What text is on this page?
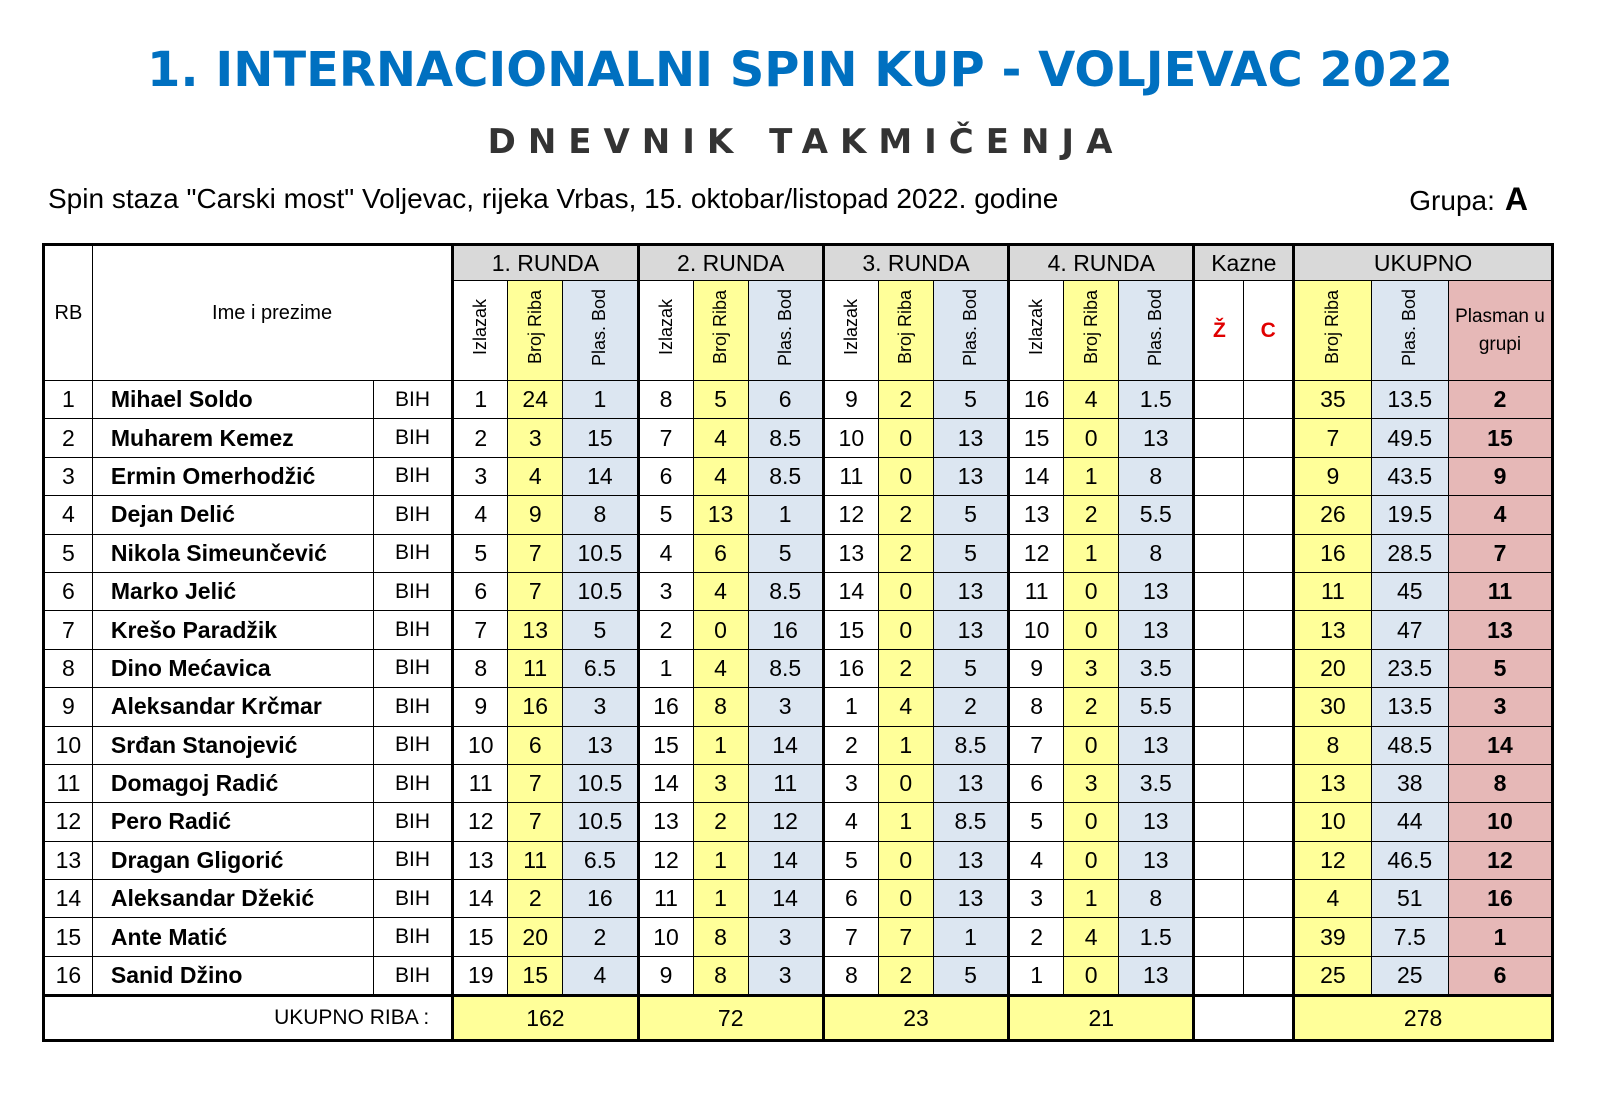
1. INTERNACIONALNI SPIN KUP - VOLJEVAC 2022
DNEVNIK TAKMIČENJA
Spin staza "Carski most" Voljevac, rijeka Vrbas, 15. oktobar/listopad 2022. godine	Grupa: A
RB	Ime i prezime		1. RUNDA			2. RUNDA			3. RUNDA			4. RUNDA			Kazne		UKUPNO		
			Izlazak	Broj Riba	Plas. Bod	Izlazak	Broj Riba	Plas. Bod	Izlazak	Broj Riba	Plas. Bod	Izlazak	Broj Riba	Plas. Bod	Ž	C	Broj Riba	Plas. Bod	Plasman u grupi
1	Mihael Soldo	BIH	1	24	1	8	5	6	9	2	5	16	4	1.5			35	13.5	2
2	Muharem Kemez	BIH	2	3	15	7	4	8.5	10	0	13	15	0	13			7	49.5	15
3	Ermin Omerhodžić	BIH	3	4	14	6	4	8.5	11	0	13	14	1	8			9	43.5	9
4	Dejan Delić	BIH	4	9	8	5	13	1	12	2	5	13	2	5.5			26	19.5	4
5	Nikola Simeunčević	BIH	5	7	10.5	4	6	5	13	2	5	12	1	8			16	28.5	7
6	Marko Jelić	BIH	6	7	10.5	3	4	8.5	14	0	13	11	0	13			11	45	11
7	Krešo Paradžik	BIH	7	13	5	2	0	16	15	0	13	10	0	13			13	47	13
8	Dino Mećavica	BIH	8	11	6.5	1	4	8.5	16	2	5	9	3	3.5			20	23.5	5
9	Aleksandar Krčmar	BIH	9	16	3	16	8	3	1	4	2	8	2	5.5			30	13.5	3
10	Srđan Stanojević	BIH	10	6	13	15	1	14	2	1	8.5	7	0	13			8	48.5	14
11	Domagoj Radić	BIH	11	7	10.5	14	3	11	3	0	13	6	3	3.5			13	38	8
12	Pero Radić	BIH	12	7	10.5	13	2	12	4	1	8.5	5	0	13			10	44	10
13	Dragan Gligorić	BIH	13	11	6.5	12	1	14	5	0	13	4	0	13			12	46.5	12
14	Aleksandar Džekić	BIH	14	2	16	11	1	14	6	0	13	3	1	8			4	51	16
15	Ante Matić	BIH	15	20	2	10	8	3	7	7	1	2	4	1.5			39	7.5	1
16	Sanid Džino	BIH	19	15	4	9	8	3	8	2	5	1	0	13			25	25	6
UKUPNO RIBA :			162			72			23			21					278		
